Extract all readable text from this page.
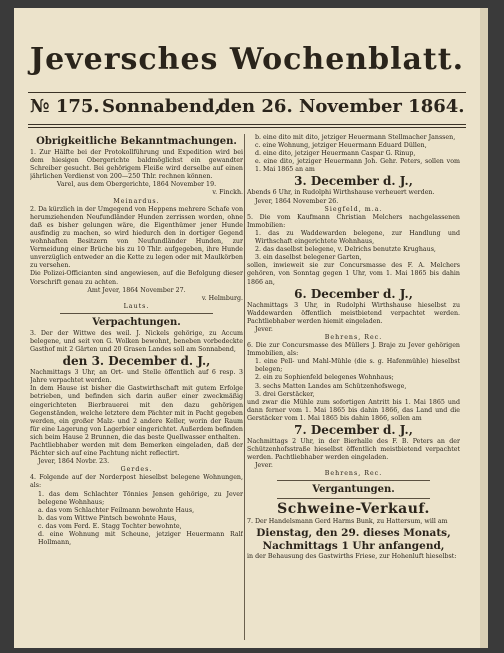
Jeversches Wochenblatt.
№ 175. Sonnabend,
den 26. November 1864.
Obrigkeitliche Bekanntmachungen.

1. Zur Hälfte bei der Protokollführung und Expedition wird bei dem hiesigen Obergerichte baldmöglichst ein gewandter Schreiber gesucht. Bei gehörigem Fleiße wird derselbe auf einen jährlichen Verdienst von 200—250 Thlr. rechnen können.

Varel, aus dem Obergerichte, 1864 November 19.

v. Finckh.

Meinardus.

2. Da kürzlich in der Umgegend von Heppens mehrere Schafe von herumziehenden Neufundländer Hunden zerrissen worden, ohne daß es bisher gelungen wäre, die Eigenthümer jener Hunde ausfindig zu machen, so wird hiedurch den in dortiger Gegend wohnhaften Besitzern von Neufundländer Hunden, zur Vermeidung einer Brüche bis zu 10 Thlr. aufgegeben, ihre Hunde unverzüglich entweder an die Kette zu legen oder mit Maulkörben zu versehen.

Die Polizei-Officianten sind angewiesen, auf die Befolgung dieser Vorschrift genau zu achten.

Amt Jever, 1864 November 27.

v. Helmburg.

Lauts.

Verpachtungen.

3. Der der Wittwe des weil. J. Nickels gehörige, zu Accum belegene, und seit von G. Wolken bewohnt, beneben vorbedeckte Gasthof mit 2 Gärten und 20 Grasen Landes soll am Sonnabend,

den 3. December d. J.,

Nachmittags 3 Uhr, an Ort- und Stelle öffentlich auf 6 resp. 3 Jahre verpachtet werden.

In dem Hause ist bisher die Gastwirthschaft mit gutem Erfolge betrieben, und befinden sich darin außer einer zweckmäßig eingerichteten Bierbrauerei mit den dazu gehörigen Gegenständen, welche letztere dem Pächter mit in Pacht gegeben werden, ein großer Malz- und 2 andere Keller, worin der Raum für eine Lagerung von Lagerbier eingerichtet. Außerdem befinden sich beim Hause 2 Brunnen, die das beste Quellwasser enthalten.

Pachtliebhaber werden mit dem Bemerken eingeladen, daß der Pächter sich auf eine Pachtung nicht reflectirt.

Jever, 1864 Novbr. 23.

Gerdes.

4. Folgende auf der Norderpost hieselbst belegene Wohnungen, als:

1. das dem Schlachter Tönnies Jensen gehörige, zu Jever belegene Wohnhaus;

a. das vom Schlachter Feilmann bewohnte Haus,

b. das vom Wittwe Pintsch bewohnte Haus,

c. das vom Ferd. E. Stagg Tochter bewohnte,

d. eine Wohnung mit Scheune, jetziger Heuermann Ralf Hollmann,

b. eine dito mit dito, jetziger Heuermann Stellmacher Janssen,

c. eine Wohnung, jetziger Heuermann Eduard Düllen,

d. eine dito, jetziger Heuermann Caspar G. Rinup,

e. eine dito, jetziger Heuermann Joh. Gehr. Peters, sollen vom 1. Mai 1865 an am

3. December d. J.,

Abends 6 Uhr, in Rudolphi Wirthshause verheuert werden.

Jever, 1864 November 26.

Siegfeld, m.a.

5. Die vom Kaufmann Christian Melchers nachgelassenen Immobilien:

1. das zu Waddewarden belegene, zur Handlung und Wirthschaft eingerichtete Wohnhaus,

2. das daselbst belegene, v. Delrichs benutzte Krughaus,

3. ein daselbst belegener Garten,

sollen, inwieweit sie zur Concursmasse des F. A. Melchers gehören, von Sonntag gegen 1 Uhr, vom 1. Mai 1865 bis dahin 1866 an,

6. December d. J.,

Nachmittags 3 Uhr, in Rudolphi Wirthshause hieselbst zu Waddewarden öffentlich meistbietend verpachtet werden. Pachtliebhaber werden hiemit eingeladen.

Jever.

Behrens, Rec.

6. Die zur Concursmasse des Müllers J. Braje zu Jever gehörigen Immobilien, als:

1. eine Pell- und Mahl-Mühle (die s. g. Hafenmühle) hieselbst belegen;

2. ein zu Sophienfeld belegenes Wohnhaus;

3. sechs Matten Landes am Schützenhofswege,

3. drei Gerstäcker,

und zwar die Mühle zum sofortigen Antritt bis 1. Mai 1865 und dann ferner vom 1. Mai 1865 bis dahin 1866, das Land und die Gerstäcker vom 1. Mai 1865 bis dahin 1866, sollen am

7. December d. J.,

Nachmittags 2 Uhr, in der Bierhalle des F. B. Peters an der Schützenhofsstraße hieselbst öffentlich meistbietend verpachtet werden. Pachtliebhaber werden eingeladen.

Jever.

Behrens, Rec.

Vergantungen.
Schweine-Verkauf.

7. Der Handelsmann Gerd Harms Bunk, zu Hattersum, will am

Dienstag, den 29. dieses Monats,
Nachmittags 1 Uhr anfangend,

in der Behausung des Gastwirths Friese, zur Hohenluft hieselbst:
